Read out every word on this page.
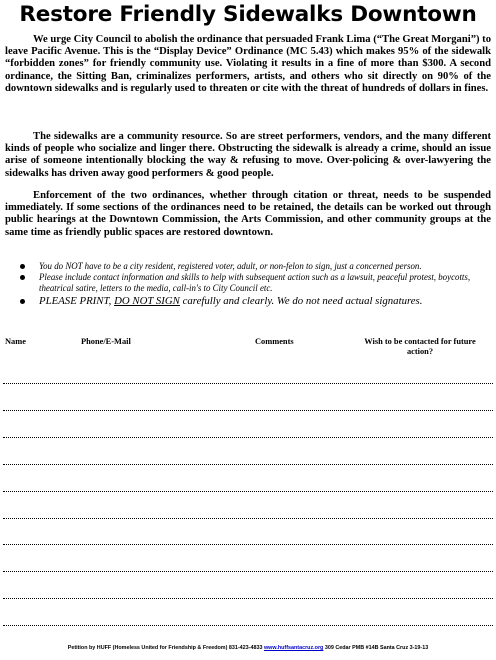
Restore Friendly Sidewalks Downtown

We urge City Council to abolish the ordinance that persuaded Frank Lima (“The Great Morgani”) to leave Pacific Avenue. This is the “Display Device” Ordinance (MC 5.43) which makes 95% of the sidewalk “forbidden zones” for friendly community use. Violating it results in a fine of more than $300. A second ordinance, the Sitting Ban, criminalizes performers, artists, and others who sit directly on 90% of the downtown sidewalks and is regularly used to threaten or cite with the threat of hundreds of dollars in fines.

The sidewalks are a community resource. So are street performers, vendors, and the many different kinds of people who socialize and linger there. Obstructing the sidewalk is already a crime, should an issue arise of someone intentionally blocking the way & refusing to move. Over-policing & over-lawyering the sidewalks has driven away good performers & good people.

Enforcement of the two ordinances, whether through citation or threat, needs to be suspended immediately. If some sections of the ordinances need to be retained, the details can be worked out through public hearings at the Downtown Commission, the Arts Commission, and other community groups at the same time as friendly public spaces are restored downtown.

You do NOT have to be a city resident, registered voter, adult, or non-felon to sign, just a concerned person.
Please include contact information and skills to help with subsequent action such as a lawsuit, peaceful protest, boycotts, theatrical satire, letters to the media, call-in's to City Council etc.
PLEASE PRINT, DO NOT SIGN carefully and clearly. We do not need actual signatures.
Name	Phone/E-Mail	Comments	Wish to be contacted for future action?
Petition by HUFF (Homeless United for Friendship & Freedom) 831-423-4833 www.huffsantacruz.org 309 Cedar PMB #14B Santa Cruz 3-19-13
